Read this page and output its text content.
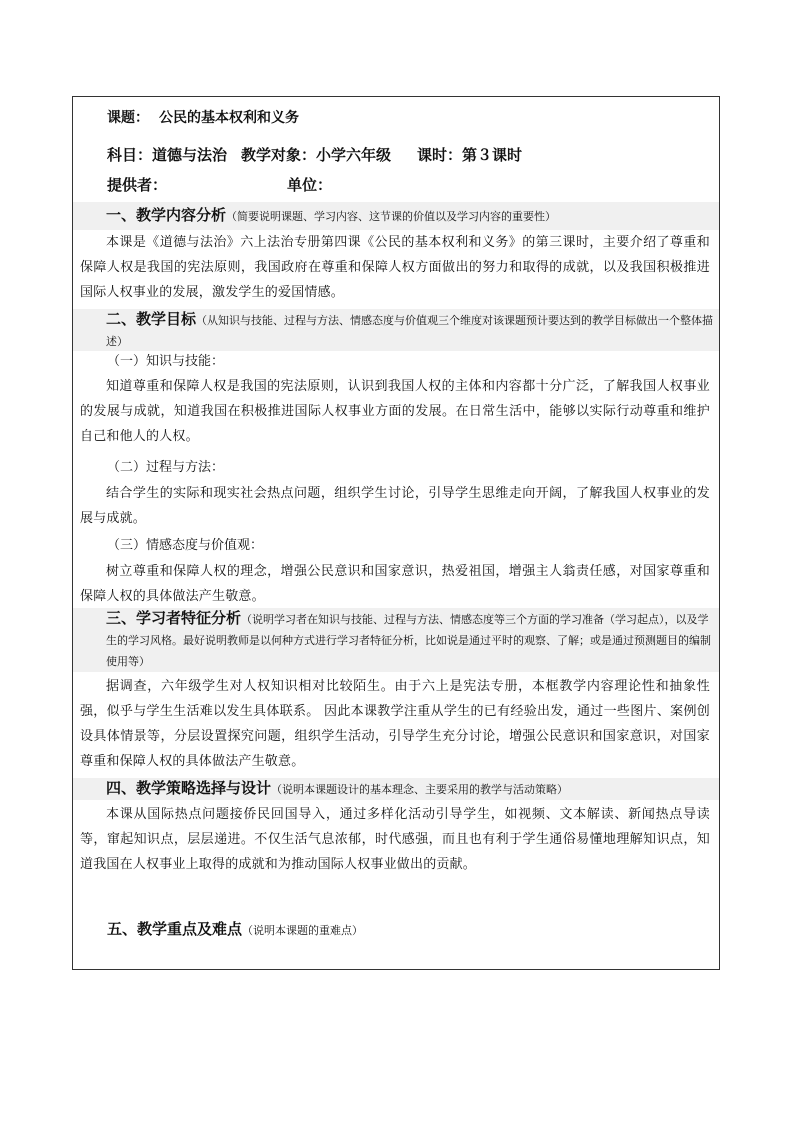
课题： 公民的基本权利和义务
科目：道德与法治 教学对象：小学六年级 课时：第３课时
提供者：	单位：
一、教学内容分析（简要说明课题、学习内容、这节课的价值以及学习内容的重要性）
本课是《道德与法治》六上法治专册第四课《公民的基本权利和义务》的第三课时，主要介绍了尊重和保障人权是我国的宪法原则，我国政府在尊重和保障人权方面做出的努力和取得的成就，以及我国积极推进国际人权事业的发展，激发学生的爱国情感。
二、教学目标（从知识与技能、过程与方法、情感态度与价值观三个维度对该课题预计要达到的教学目标做出一个整体描述）
（一）知识与技能：
知道尊重和保障人权是我国的宪法原则，认识到我国人权的主体和内容都十分广泛，了解我国人权事业的发展与成就，知道我国在积极推进国际人权事业方面的发展。在日常生活中，能够以实际行动尊重和维护自己和他人的人权。
（二）过程与方法：
结合学生的实际和现实社会热点问题，组织学生讨论，引导学生思维走向开阔，了解我国人权事业的发展与成就。
（三）情感态度与价值观：
树立尊重和保障人权的理念，增强公民意识和国家意识，热爱祖国，增强主人翁责任感，对国家尊重和保障人权的具体做法产生敬意。
三、学习者特征分析（说明学习者在知识与技能、过程与方法、情感态度等三个方面的学习准备（学习起点），以及学生的学习风格。最好说明教师是以何种方式进行学习者特征分析，比如说是通过平时的观察、了解；或是通过预测题目的编制使用等）
据调查，六年级学生对人权知识相对比较陌生。由于六上是宪法专册，本框教学内容理论性和抽象性强，似乎与学生生活难以发生具体联系。 因此本课教学注重从学生的已有经验出发，通过一些图片、案例创设具体情景等，分层设置探究问题，组织学生活动，引导学生充分讨论，增强公民意识和国家意识，对国家尊重和保障人权的具体做法产生敬意。
四、教学策略选择与设计（说明本课题设计的基本理念、主要采用的教学与活动策略）
本课从国际热点问题接侨民回国导入，通过多样化活动引导学生，如视频、文本解读、新闻热点导读等，窜起知识点，层层递进。不仅生活气息浓郁，时代感强，而且也有利于学生通俗易懂地理解知识点，知道我国在人权事业上取得的成就和为推动国际人权事业做出的贡献。
五、教学重点及难点（说明本课题的重难点）
